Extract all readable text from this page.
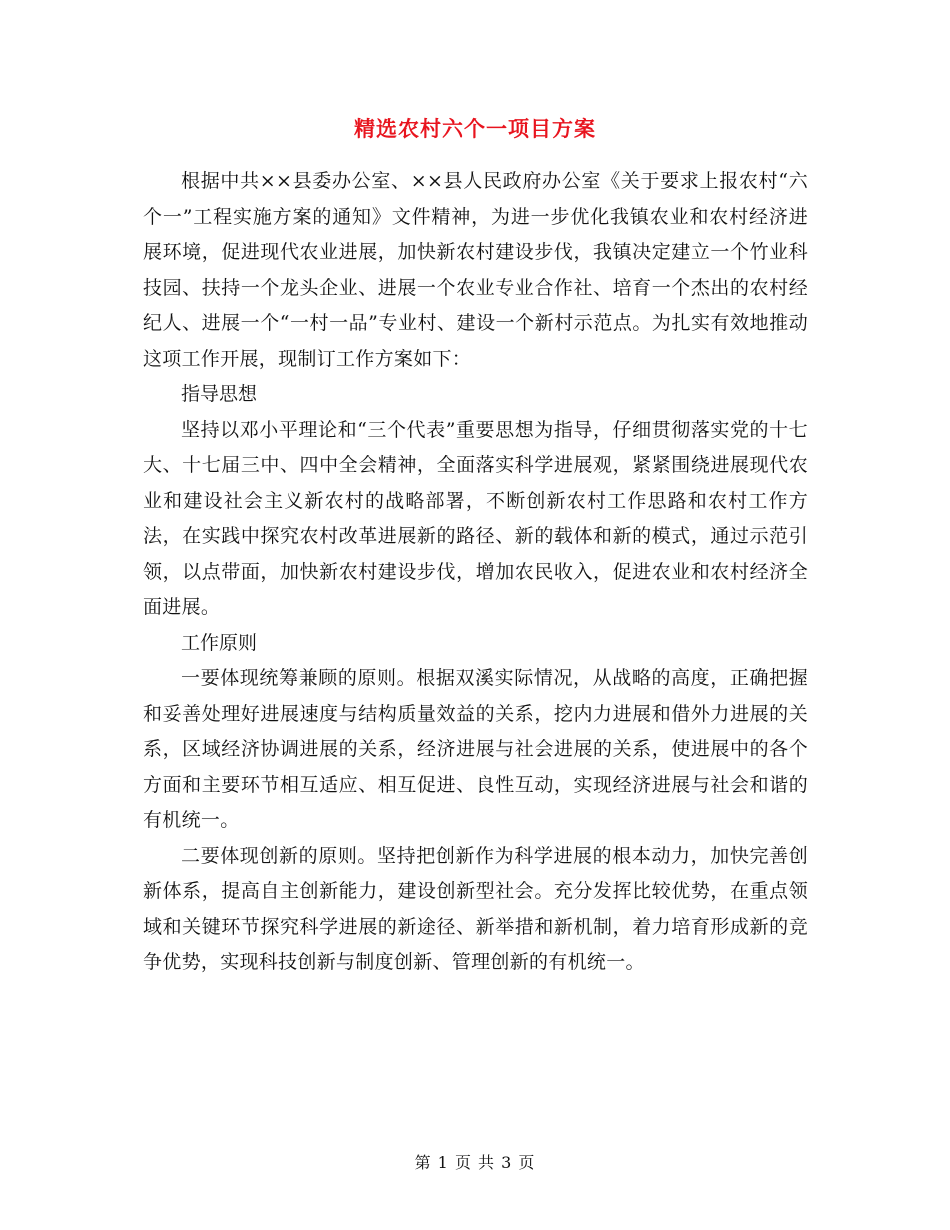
精选农村六个一项目方案

根据中共××县委办公室、××县人民政府办公室《关于要求上报农村“六个一”工程实施方案的通知》文件精神，为进一步优化我镇农业和农村经济进展环境，促进现代农业进展，加快新农村建设步伐，我镇决定建立一个竹业科技园、扶持一个龙头企业、进展一个农业专业合作社、培育一个杰出的农村经纪人、进展一个“一村一品”专业村、建设一个新村示范点。为扎实有效地推动这项工作开展，现制订工作方案如下：

指导思想

坚持以邓小平理论和“三个代表”重要思想为指导，仔细贯彻落实党的十七大、十七届三中、四中全会精神，全面落实科学进展观，紧紧围绕进展现代农业和建设社会主义新农村的战略部署，不断创新农村工作思路和农村工作方法，在实践中探究农村改革进展新的路径、新的载体和新的模式，通过示范引领，以点带面，加快新农村建设步伐，增加农民收入，促进农业和农村经济全面进展。

工作原则

一要体现统筹兼顾的原则。根据双溪实际情况，从战略的高度，正确把握和妥善处理好进展速度与结构质量效益的关系，挖内力进展和借外力进展的关系，区域经济协调进展的关系，经济进展与社会进展的关系，使进展中的各个方面和主要环节相互适应、相互促进、良性互动，实现经济进展与社会和谐的有机统一。

二要体现创新的原则。坚持把创新作为科学进展的根本动力，加快完善创新体系，提高自主创新能力，建设创新型社会。充分发挥比较优势，在重点领域和关键环节探究科学进展的新途径、新举措和新机制，着力培育形成新的竞争优势，实现科技创新与制度创新、管理创新的有机统一。

第 1 页 共 3 页
